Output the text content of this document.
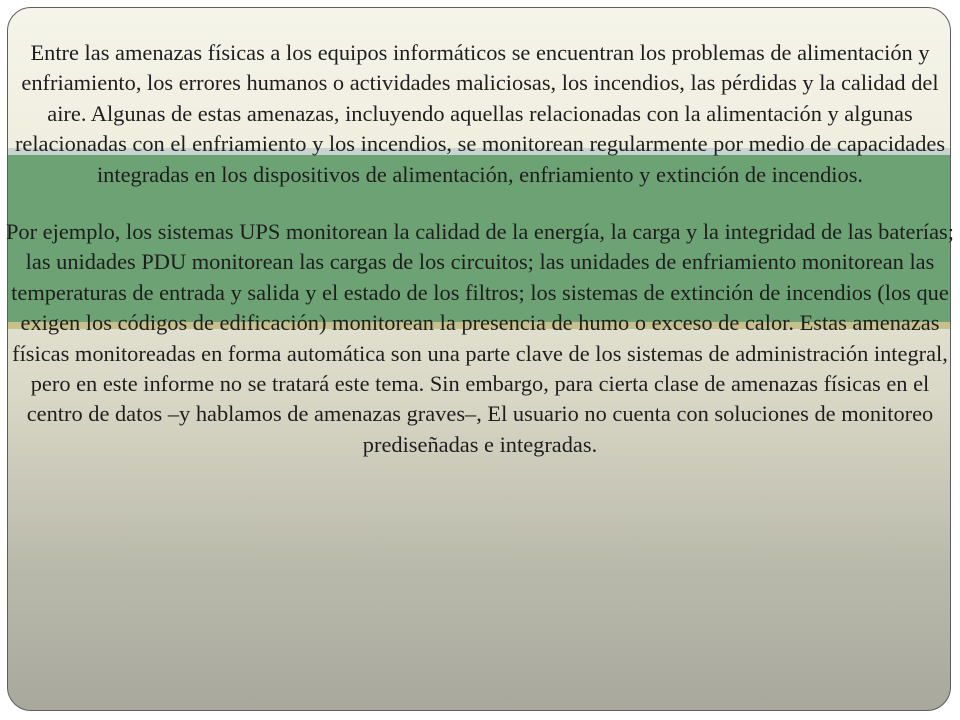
Entre las amenazas físicas a los equipos informáticos se encuentran los problemas de alimentación y enfriamiento, los errores humanos o actividades maliciosas, los incendios, las pérdidas y la calidad del aire. Algunas de estas amenazas, incluyendo aquellas relacionadas con la alimentación y algunas relacionadas con el enfriamiento y los incendios, se monitorean regularmente por medio de capacidades integradas en los dispositivos de alimentación, enfriamiento y extinción de incendios.

Por ejemplo, los sistemas UPS monitorean la calidad de la energía, la carga y la integridad de las baterías; las unidades PDU monitorean las cargas de los circuitos; las unidades de enfriamiento monitorean las temperaturas de entrada y salida y el estado de los filtros; los sistemas de extinción de incendios (los que exigen los códigos de edificación) monitorean la presencia de humo o exceso de calor. Estas amenazas físicas monitoreadas en forma automática son una parte clave de los sistemas de administración integral, pero en este informe no se tratará este tema. Sin embargo, para cierta clase de amenazas físicas en el centro de datos –y hablamos de amenazas graves–, El usuario no cuenta con soluciones de monitoreo prediseñadas e integradas.
